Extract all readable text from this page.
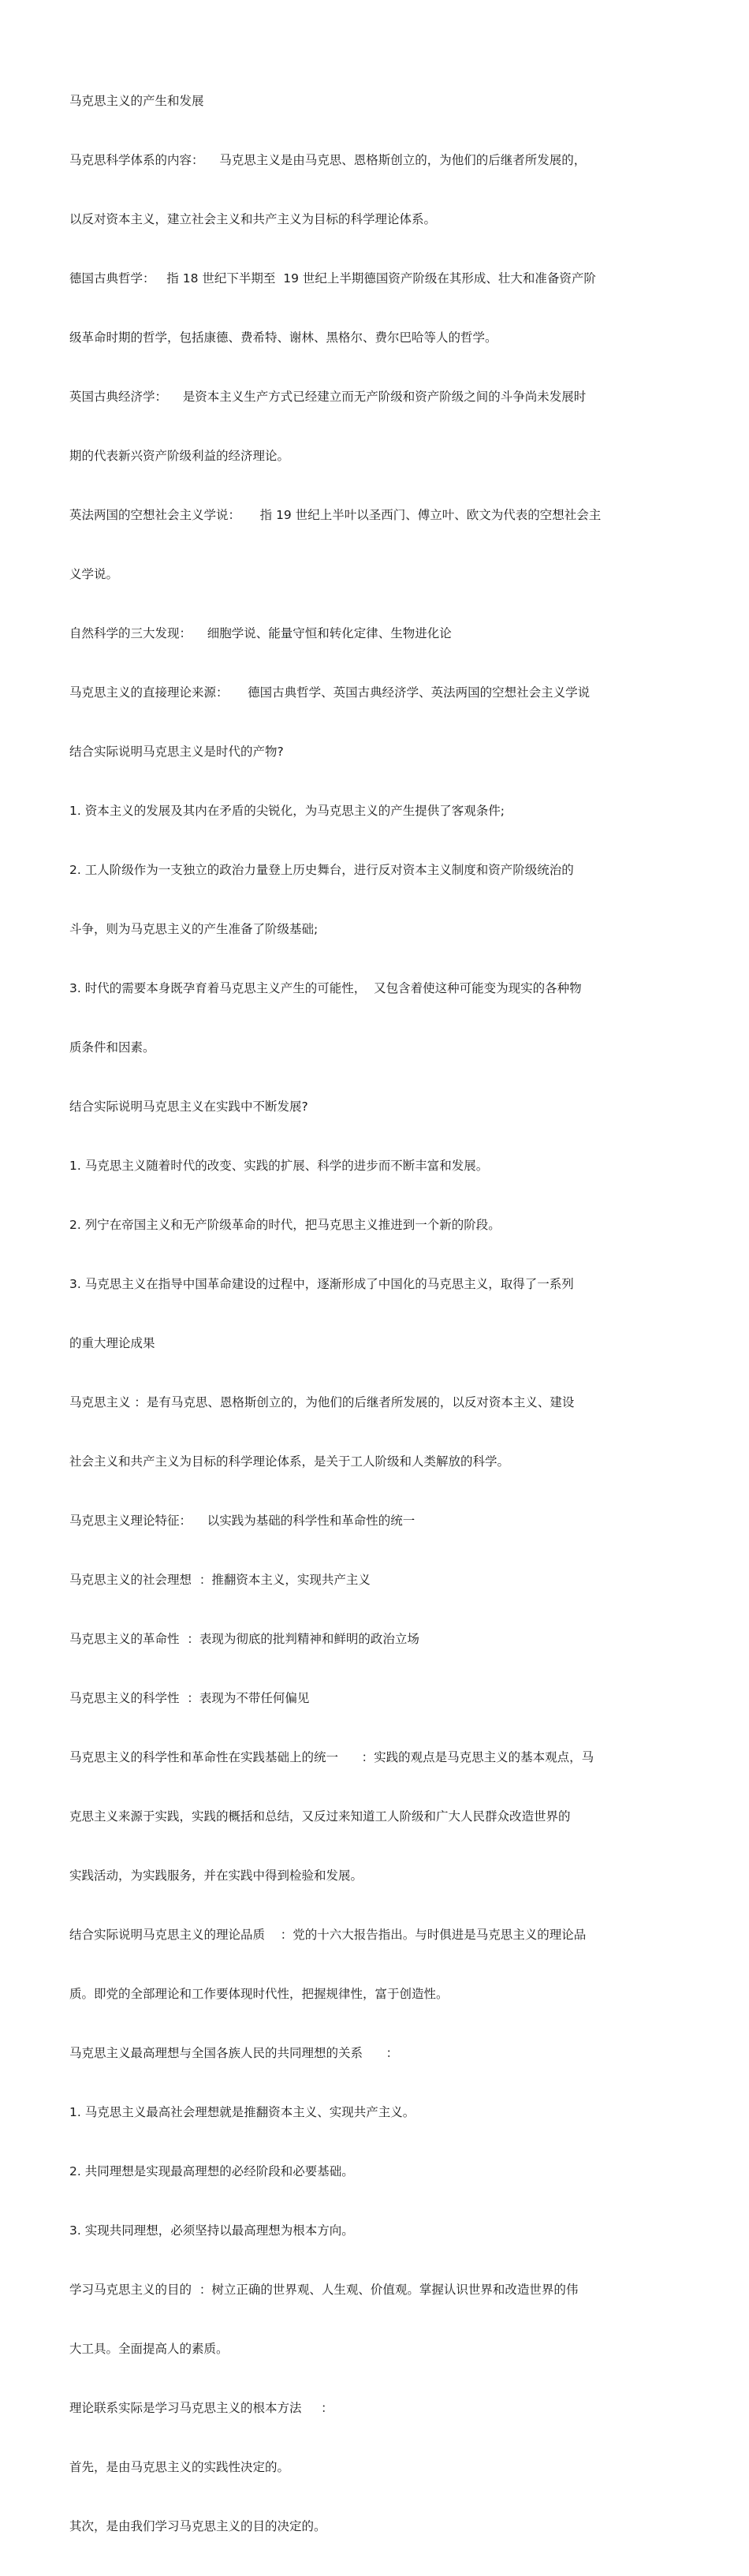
马克思主义的产生和发展

马克思科学体系的内容：    马克思主义是由马克思、恩格斯创立的，为他们的后继者所发展的，

以反对资本主义，建立社会主义和共产主义为目标的科学理论体系。

德国古典哲学：   指 18 世纪下半期至  19 世纪上半期德国资产阶级在其形成、壮大和准备资产阶

级革命时期的哲学，包括康德、费希特、谢林、黑格尔、费尔巴哈等人的哲学。

英国古典经济学：    是资本主义生产方式已经建立而无产阶级和资产阶级之间的斗争尚未发展时

期的代表新兴资产阶级利益的经济理论。

英法两国的空想社会主义学说：     指 19 世纪上半叶以圣西门、傅立叶、欧文为代表的空想社会主

义学说。

自然科学的三大发现：    细胞学说、能量守恒和转化定律、生物进化论

马克思主义的直接理论来源：     德国古典哲学、英国古典经济学、英法两国的空想社会主义学说

结合实际说明马克思主义是时代的产物?

1. 资本主义的发展及其内在矛盾的尖锐化，为马克思主义的产生提供了客观条件;

2. 工人阶级作为一支独立的政治力量登上历史舞台，进行反对资本主义制度和资产阶级统治的

斗争，则为马克思主义的产生准备了阶级基础;

3. 时代的需要本身既孕育着马克思主义产生的可能性，  又包含着使这种可能变为现实的各种物

质条件和因素。

结合实际说明马克思主义在实践中不断发展?

1. 马克思主义随着时代的改变、实践的扩展、科学的进步而不断丰富和发展。

2. 列宁在帝国主义和无产阶级革命的时代，把马克思主义推进到一个新的阶段。

3. 马克思主义在指导中国革命建设的过程中，逐渐形成了中国化的马克思主义，取得了一系列

的重大理论成果

马克思主义 ：是有马克思、恩格斯创立的，为他们的后继者所发展的，以反对资本主义、建设

社会主义和共产主义为目标的科学理论体系，是关于工人阶级和人类解放的科学。

马克思主义理论特征：    以实践为基础的科学性和革命性的统一

马克思主义的社会理想  ：推翻资本主义，实现共产主义

马克思主义的革命性  ：表现为彻底的批判精神和鲜明的政治立场

马克思主义的科学性  ：表现为不带任何偏见

马克思主义的科学性和革命性在实践基础上的统一      ：实践的观点是马克思主义的基本观点，马

克思主义来源于实践，实践的概括和总结，又反过来知道工人阶级和广大人民群众改造世界的

实践活动，为实践服务，并在实践中得到检验和发展。

结合实际说明马克思主义的理论品质    ：党的十六大报告指出。与时俱进是马克思主义的理论品

质。即党的全部理论和工作要体现时代性，把握规律性，富于创造性。

马克思主义最高理想与全国各族人民的共同理想的关系      ：

1. 马克思主义最高社会理想就是推翻资本主义、实现共产主义。

2. 共同理想是实现最高理想的必经阶段和必要基础。

3. 实现共同理想，必须坚持以最高理想为根本方向。

学习马克思主义的目的  ：树立正确的世界观、人生观、价值观。掌握认识世界和改造世界的伟

大工具。全面提高人的素质。

理论联系实际是学习马克思主义的根本方法     ：

首先，是由马克思主义的实践性决定的。

其次，是由我们学习马克思主义的目的决定的。
